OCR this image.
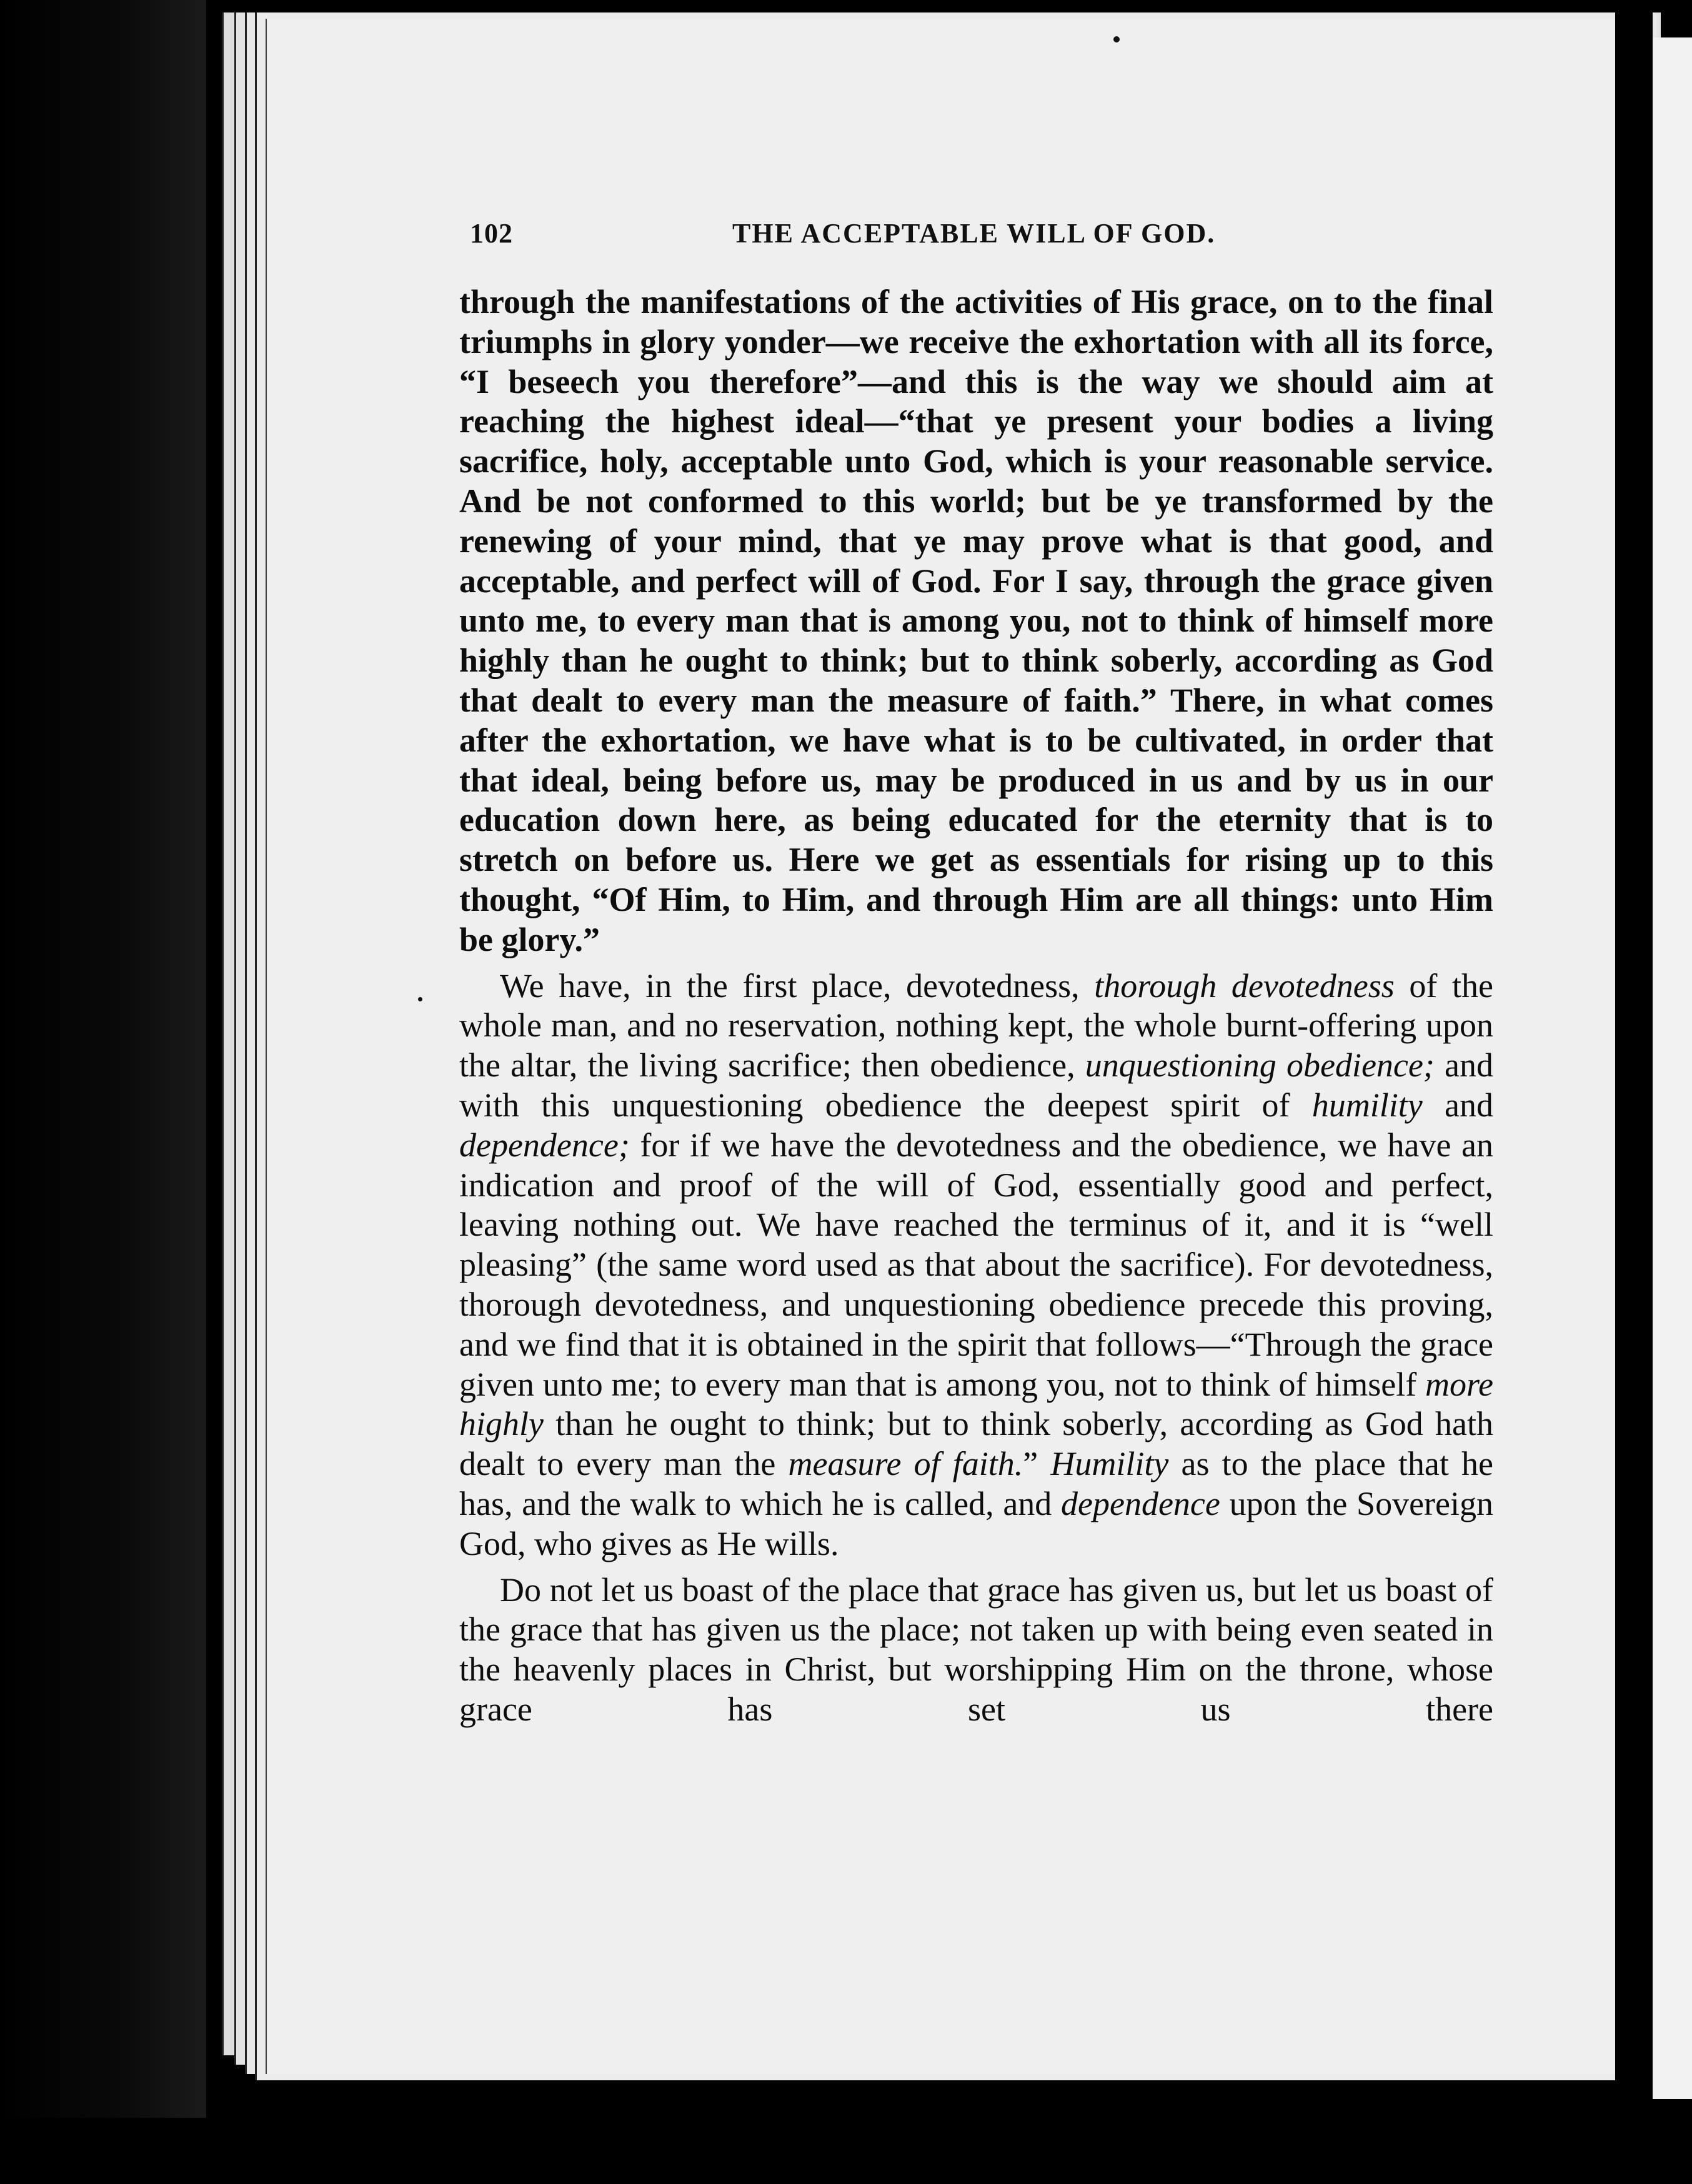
102	THE ACCEPTABLE WILL OF GOD.

through the manifestations of the activities of His grace, on to the final triumphs in glory yonder—we receive the exhortation with all its force, “I beseech you therefore”—and this is the way we should aim at reaching the highest ideal—“that ye present your bodies a living sacrifice, holy, acceptable unto God, which is your reasonable service. And be not conformed to this world; but be ye transformed by the renewing of your mind, that ye may prove what is that good, and acceptable, and perfect will of God. For I say, through the grace given unto me, to every man that is among you, not to think of himself more highly than he ought to think; but to think soberly, according as God that dealt to every man the measure of faith.” There, in what comes after the exhortation, we have what is to be cultivated, in order that that ideal, being before us, may be produced in us and by us in our education down here, as being educated for the eternity that is to stretch on before us. Here we get as essentials for rising up to this thought, “Of Him, to Him, and through Him are all things: unto Him be glory.”

We have, in the first place, devotedness, thorough devotedness of the whole man, and no reservation, nothing kept, the whole burnt-offering upon the altar, the living sacrifice; then obedience, unquestioning obedience; and with this unquestioning obedience the deepest spirit of humility and dependence; for if we have the devotedness and the obedience, we have an indication and proof of the will of God, essentially good and perfect, leaving nothing out. We have reached the terminus of it, and it is “well pleasing” (the same word used as that about the sacrifice). For devotedness, thorough devotedness, and unquestioning obedience precede this proving, and we find that it is obtained in the spirit that follows—“Through the grace given unto me; to every man that is among you, not to think of himself more highly than he ought to think; but to think soberly, according as God hath dealt to every man the measure of faith.” Humility as to the place that he has, and the walk to which he is called, and dependence upon the Sovereign God, who gives as He wills.

Do not let us boast of the place that grace has given us, but let us boast of the grace that has given us the place; not taken up with being even seated in the heavenly places in Christ, but worshipping Him on the throne, whose grace has set us there
